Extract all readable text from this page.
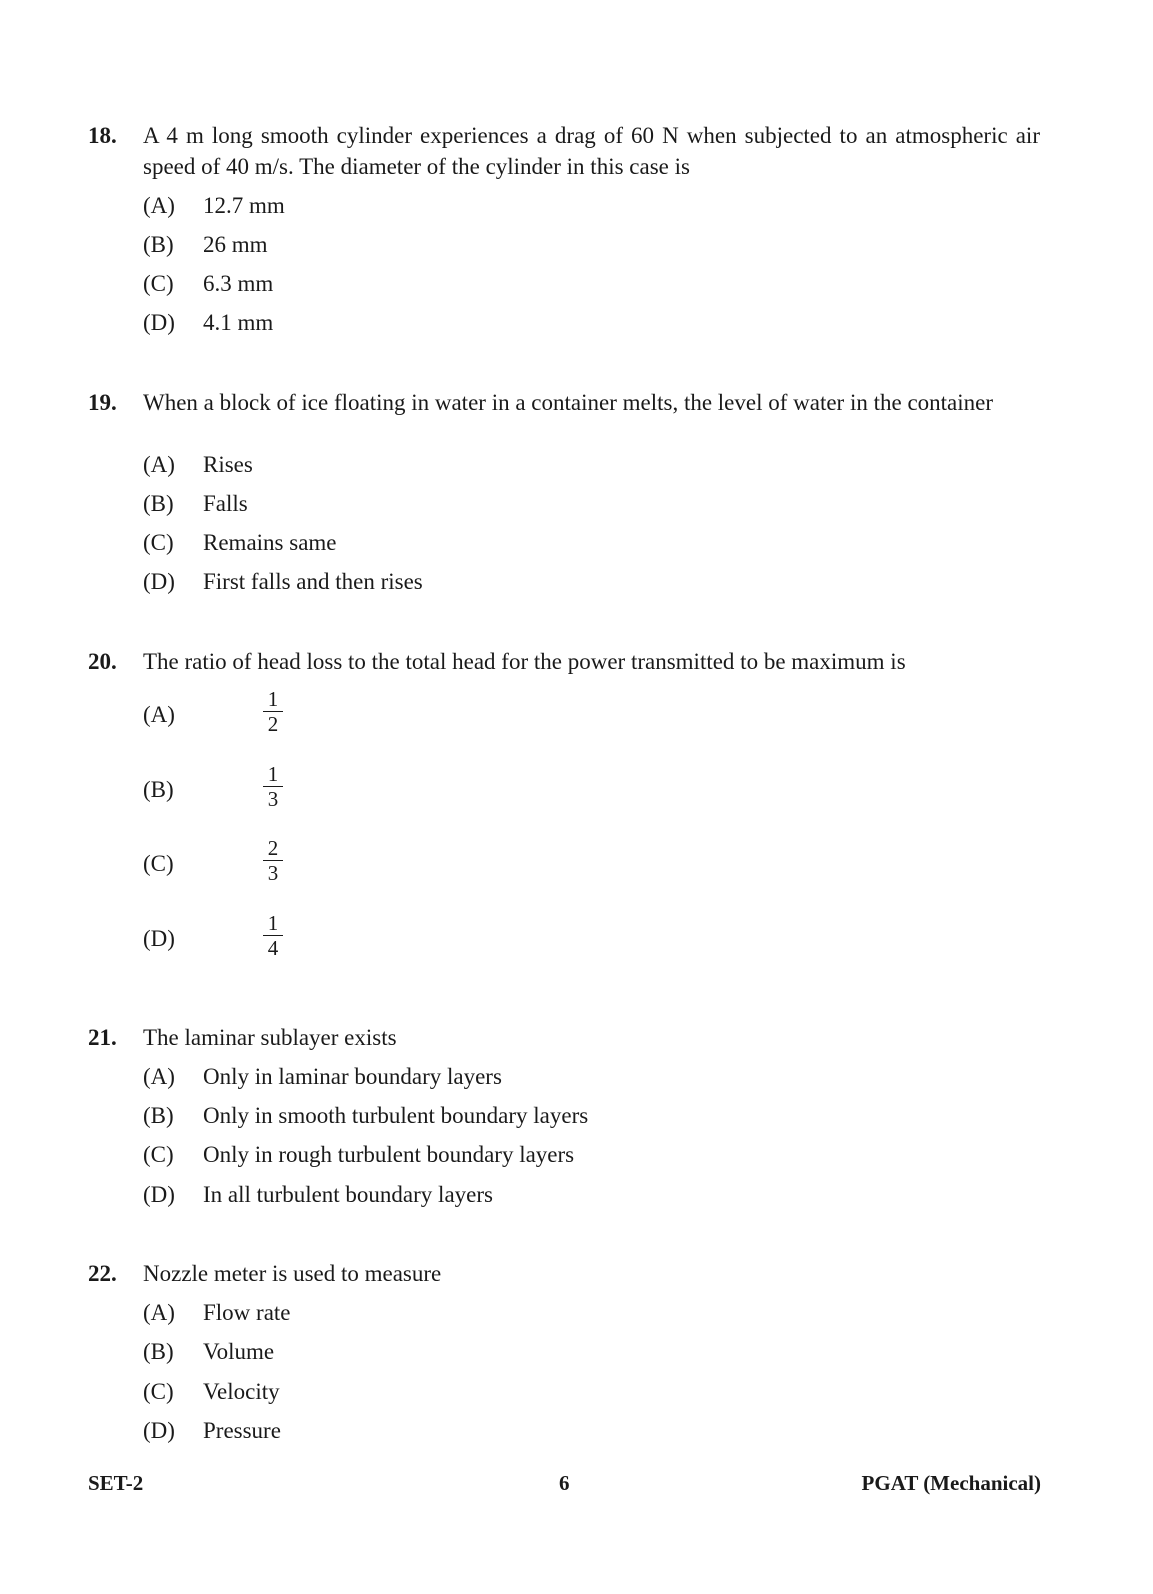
18. A 4 m long smooth cylinder experiences a drag of 60 N when subjected to an atmospheric air speed of 40 m/s. The diameter of the cylinder in this case is
(A) 12.7 mm
(B) 26 mm
(C) 6.3 mm
(D) 4.1 mm
19. When a block of ice floating in water in a container melts, the level of water in the container
(A) Rises
(B) Falls
(C) Remains same
(D) First falls and then rises
20. The ratio of head loss to the total head for the power transmitted to be maximum is
(A)	$\frac{1}{2}$
(B)	$\frac{1}{3}$
(C)	$\frac{2}{3}$
(D)	$\frac{1}{4}$
21. The laminar sublayer exists
(A) Only in laminar boundary layers
(B) Only in smooth turbulent boundary layers
(C) Only in rough turbulent boundary layers
(D) In all turbulent boundary layers
22. Nozzle meter is used to measure
(A) Flow rate
(B) Volume
(C) Velocity
(D) Pressure
SET-2	6	PGAT (Mechanical)
